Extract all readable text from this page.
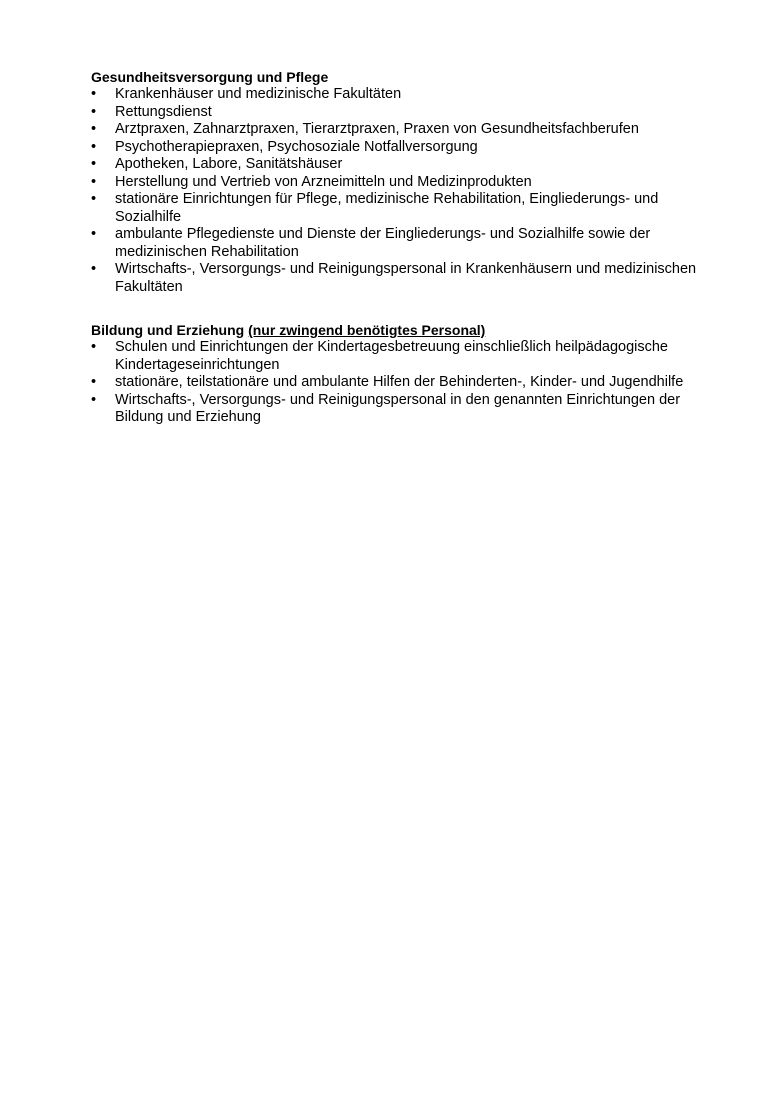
Gesundheitsversorgung und Pflege

•	Krankenhäuser und medizinische Fakultäten
•	Rettungsdienst
•	Arztpraxen, Zahnarztpraxen, Tierarztpraxen, Praxen von Gesundheitsfachberufen
•	Psychotherapiepraxen, Psychosoziale Notfallversorgung
•	Apotheken, Labore, Sanitätshäuser
•	Herstellung und Vertrieb von Arzneimitteln und Medizinprodukten
•	stationäre Einrichtungen für Pflege, medizinische Rehabilitation, Eingliederungs- und Sozialhilfe
•	ambulante Pflegedienste und Dienste der Eingliederungs- und Sozialhilfe sowie der medizinischen Rehabilitation
•	Wirtschafts-, Versorgungs- und Reinigungspersonal in Krankenhäusern und medizinischen Fakultäten

Bildung und Erziehung (nur zwingend benötigtes Personal)

•	Schulen und Einrichtungen der Kindertagesbetreuung einschließlich heilpädagogische Kindertageseinrichtungen
•	stationäre, teilstationäre und ambulante Hilfen der Behinderten-, Kinder- und Jugendhilfe
•	Wirtschafts-, Versorgungs- und Reinigungspersonal in den genannten Einrichtungen der Bildung und Erziehung
